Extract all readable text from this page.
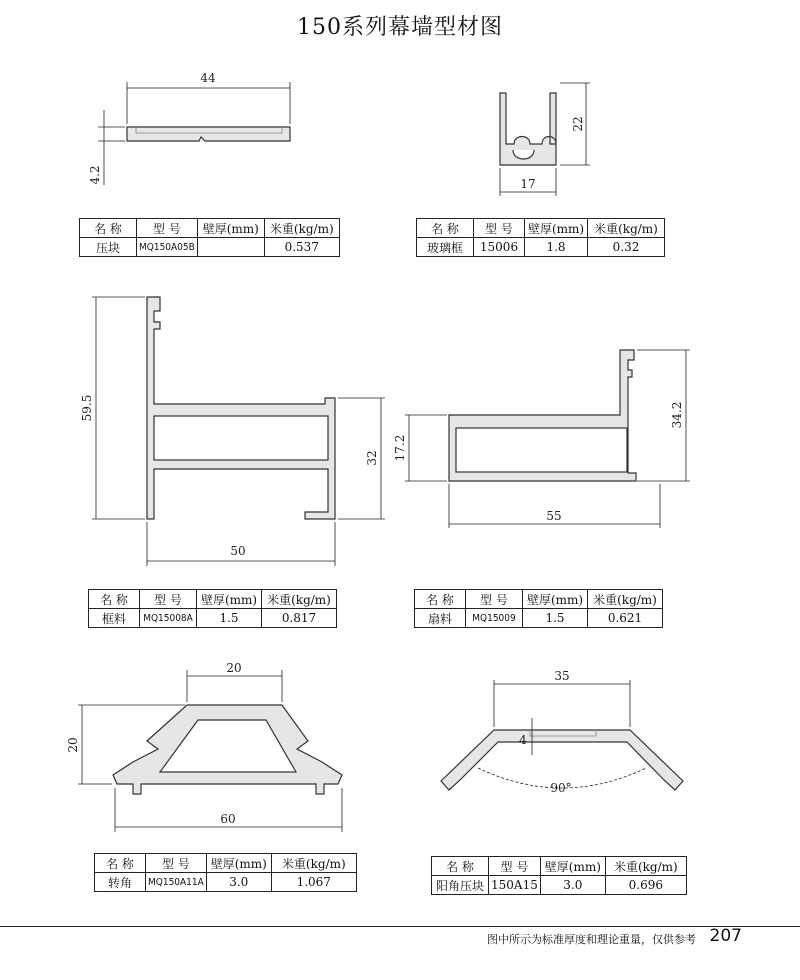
150系列幕墙型材图
44
4.2
22
17
59.5
32
50
34.2
17.2
55
20
20
60
35
4
90°
名 称	型 号	壁厚(mm)	米重(kg/m)
压块	MQ150A05B		0.537
名 称	型 号	壁厚(mm)	米重(kg/m)
玻璃框	15006	1.8	0.32
名 称	型 号	壁厚(mm)	米重(kg/m)
框料	MQ15008A	1.5	0.817
名 称	型 号	壁厚(mm)	米重(kg/m)
扇料	MQ15009	1.5	0.621
名 称	型 号	壁厚(mm)	米重(kg/m)
转角	MQ150A11A	3.0	1.067
名 称	型 号	壁厚(mm)	米重(kg/m)
阳角压块	150A15	3.0	0.696
图中所示为标准厚度和理论重量，仅供参考 207
